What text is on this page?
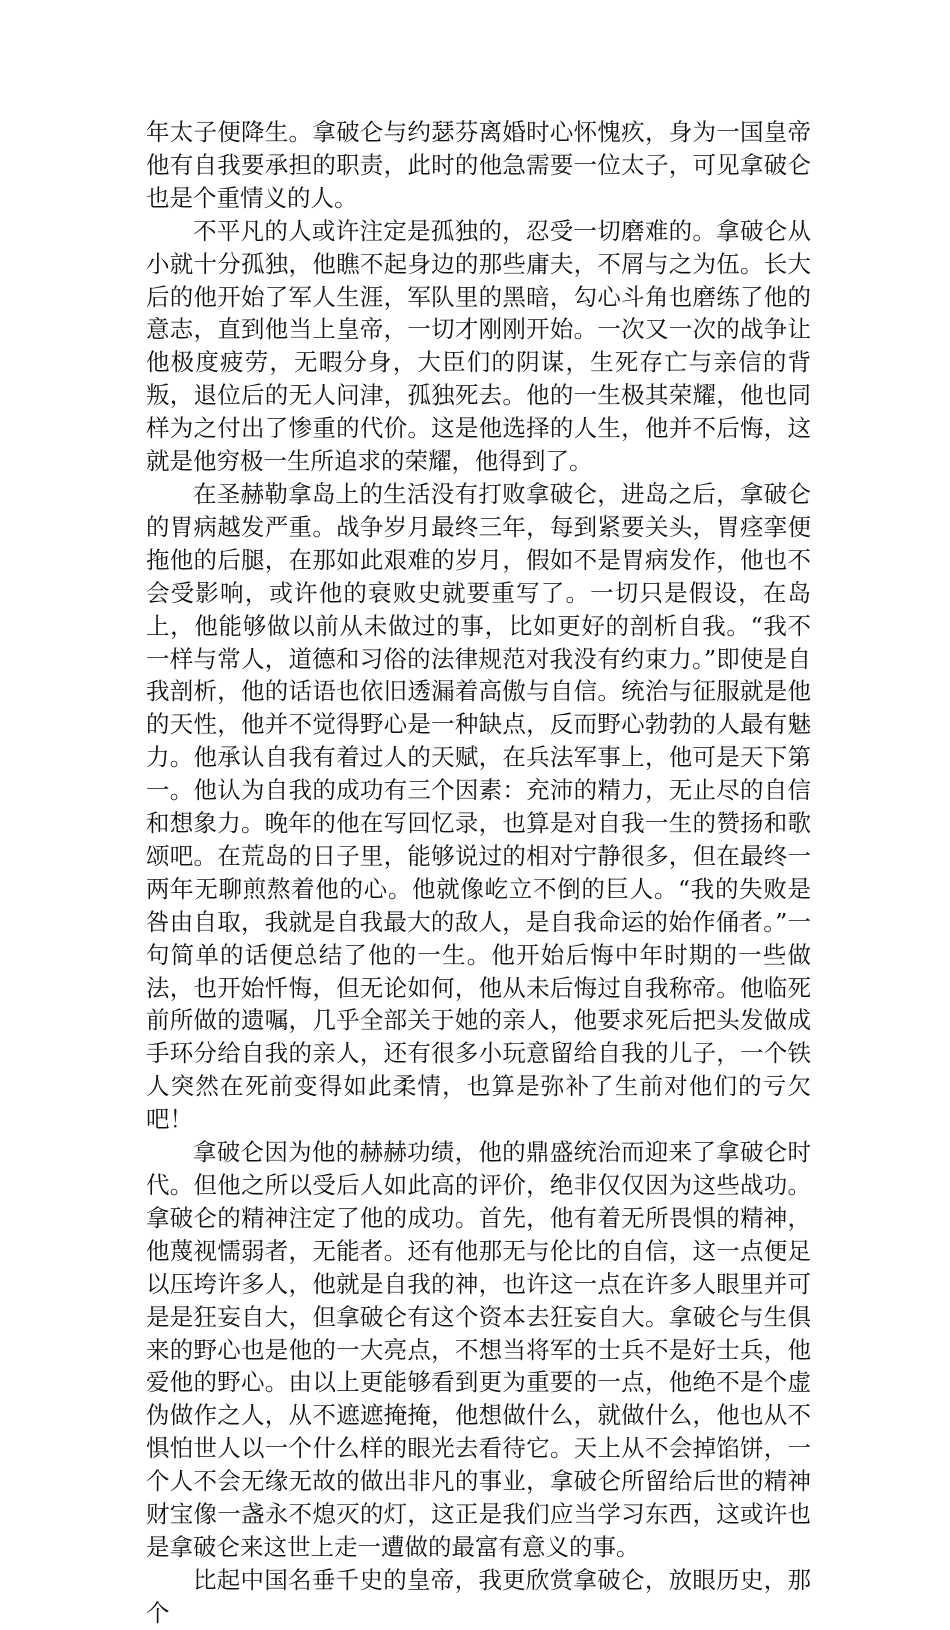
年太子便降生。拿破仑与约瑟芬离婚时心怀愧疚，身为一国皇帝他有自我要承担的职责，此时的他急需要一位太子，可见拿破仑也是个重情义的人。

不平凡的人或许注定是孤独的，忍受一切磨难的。拿破仑从小就十分孤独，他瞧不起身边的那些庸夫，不屑与之为伍。长大后的他开始了军人生涯，军队里的黑暗，勾心斗角也磨练了他的意志，直到他当上皇帝，一切才刚刚开始。一次又一次的战争让他极度疲劳，无暇分身，大臣们的阴谋，生死存亡与亲信的背叛，退位后的无人问津，孤独死去。他的一生极其荣耀，他也同样为之付出了惨重的代价。这是他选择的人生，他并不后悔，这就是他穷极一生所追求的荣耀，他得到了。

在圣赫勒拿岛上的生活没有打败拿破仑，进岛之后，拿破仑的胃病越发严重。战争岁月最终三年，每到紧要关头，胃痉挛便拖他的后腿，在那如此艰难的岁月，假如不是胃病发作，他也不会受影响，或许他的衰败史就要重写了。一切只是假设，在岛上，他能够做以前从未做过的事，比如更好的剖析自我。“我不一样与常人，道德和习俗的法律规范对我没有约束力。”即使是自我剖析，他的话语也依旧透漏着高傲与自信。统治与征服就是他的天性，他并不觉得野心是一种缺点，反而野心勃勃的人最有魅力。他承认自我有着过人的天赋，在兵法军事上，他可是天下第一。他认为自我的成功有三个因素：充沛的精力，无止尽的自信和想象力。晚年的他在写回忆录，也算是对自我一生的赞扬和歌颂吧。在荒岛的日子里，能够说过的相对宁静很多，但在最终一两年无聊煎熬着他的心。他就像屹立不倒的巨人。“我的失败是咎由自取，我就是自我最大的敌人，是自我命运的始作俑者。”一句简单的话便总结了他的一生。他开始后悔中年时期的一些做法，也开始忏悔，但无论如何，他从未后悔过自我称帝。他临死前所做的遗嘱，几乎全部关于她的亲人，他要求死后把头发做成手环分给自我的亲人，还有很多小玩意留给自我的儿子，一个铁人突然在死前变得如此柔情，也算是弥补了生前对他们的亏欠吧！

拿破仑因为他的赫赫功绩，他的鼎盛统治而迎来了拿破仑时代。但他之所以受后人如此高的评价，绝非仅仅因为这些战功。拿破仑的精神注定了他的成功。首先，他有着无所畏惧的精神，他蔑视懦弱者，无能者。还有他那无与伦比的自信，这一点便足以压垮许多人，他就是自我的神，也许这一点在许多人眼里并可是是狂妄自大，但拿破仑有这个资本去狂妄自大。拿破仑与生俱来的野心也是他的一大亮点，不想当将军的士兵不是好士兵，他爱他的野心。由以上更能够看到更为重要的一点，他绝不是个虚伪做作之人，从不遮遮掩掩，他想做什么，就做什么，他也从不惧怕世人以一个什么样的眼光去看待它。天上从不会掉馅饼，一个人不会无缘无故的做出非凡的事业，拿破仑所留给后世的精神财宝像一盏永不熄灭的灯，这正是我们应当学习东西，这或许也是拿破仑来这世上走一遭做的最富有意义的事。

比起中国名垂千史的皇帝，我更欣赏拿破仑，放眼历史，那个
